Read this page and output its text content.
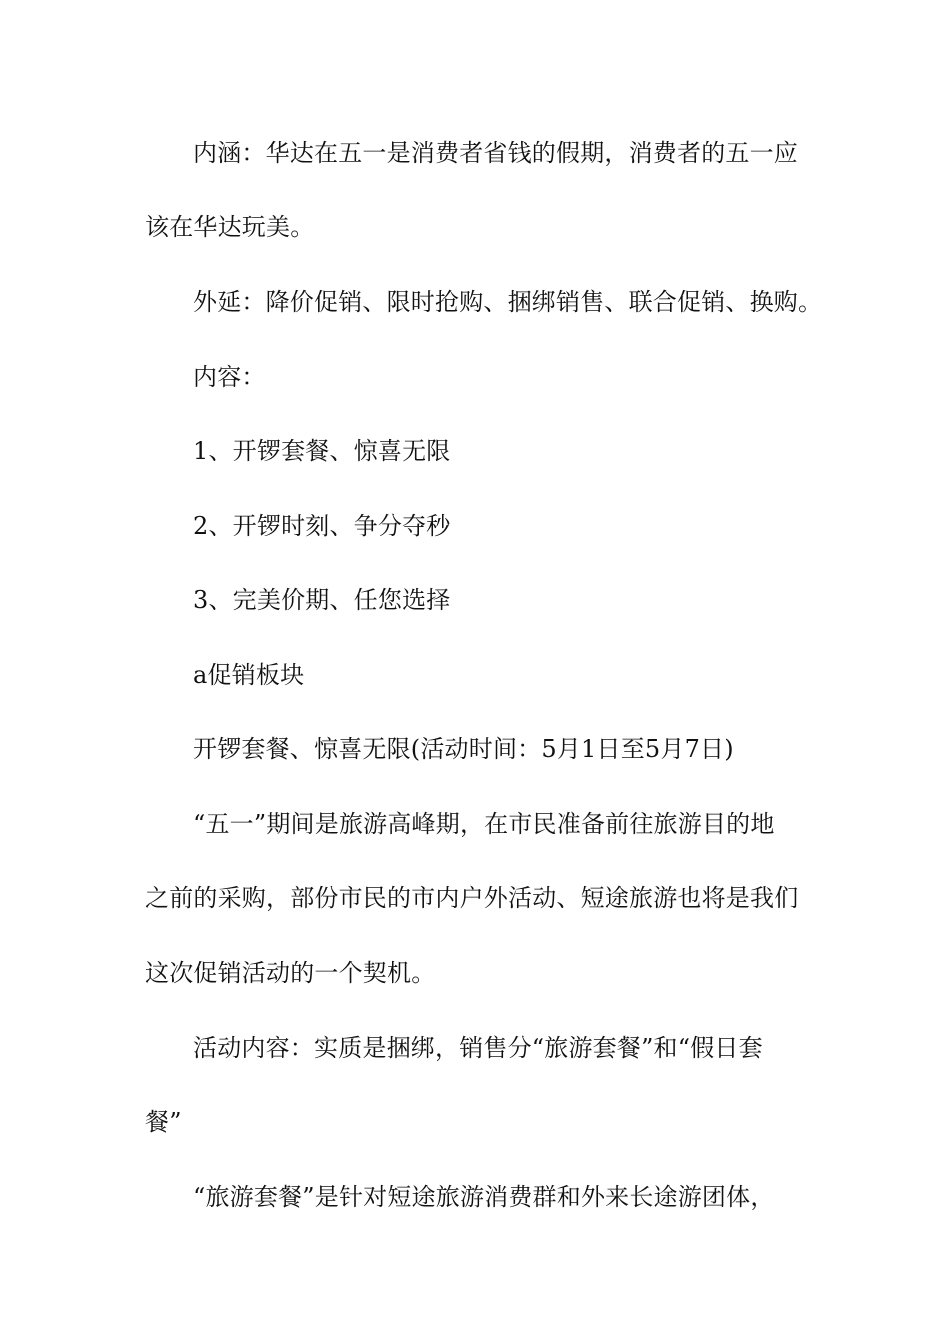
内涵：华达在五一是消费者省钱的假期，消费者的五一应
该在华达玩美。
外延：降价促销、限时抢购、捆绑销售、联合促销、换购。
内容：
1、开锣套餐、惊喜无限
2、开锣时刻、争分夺秒
3、完美价期、任您选择
a促销板块
开锣套餐、惊喜无限(活动时间：5月1日至5月7日)
“五一”期间是旅游高峰期，在市民准备前往旅游目的地
之前的采购，部份市民的市内户外活动、短途旅游也将是我们
这次促销活动的一个契机。
活动内容：实质是捆绑，销售分“旅游套餐”和“假日套
餐”
“旅游套餐”是针对短途旅游消费群和外来长途游团体，
